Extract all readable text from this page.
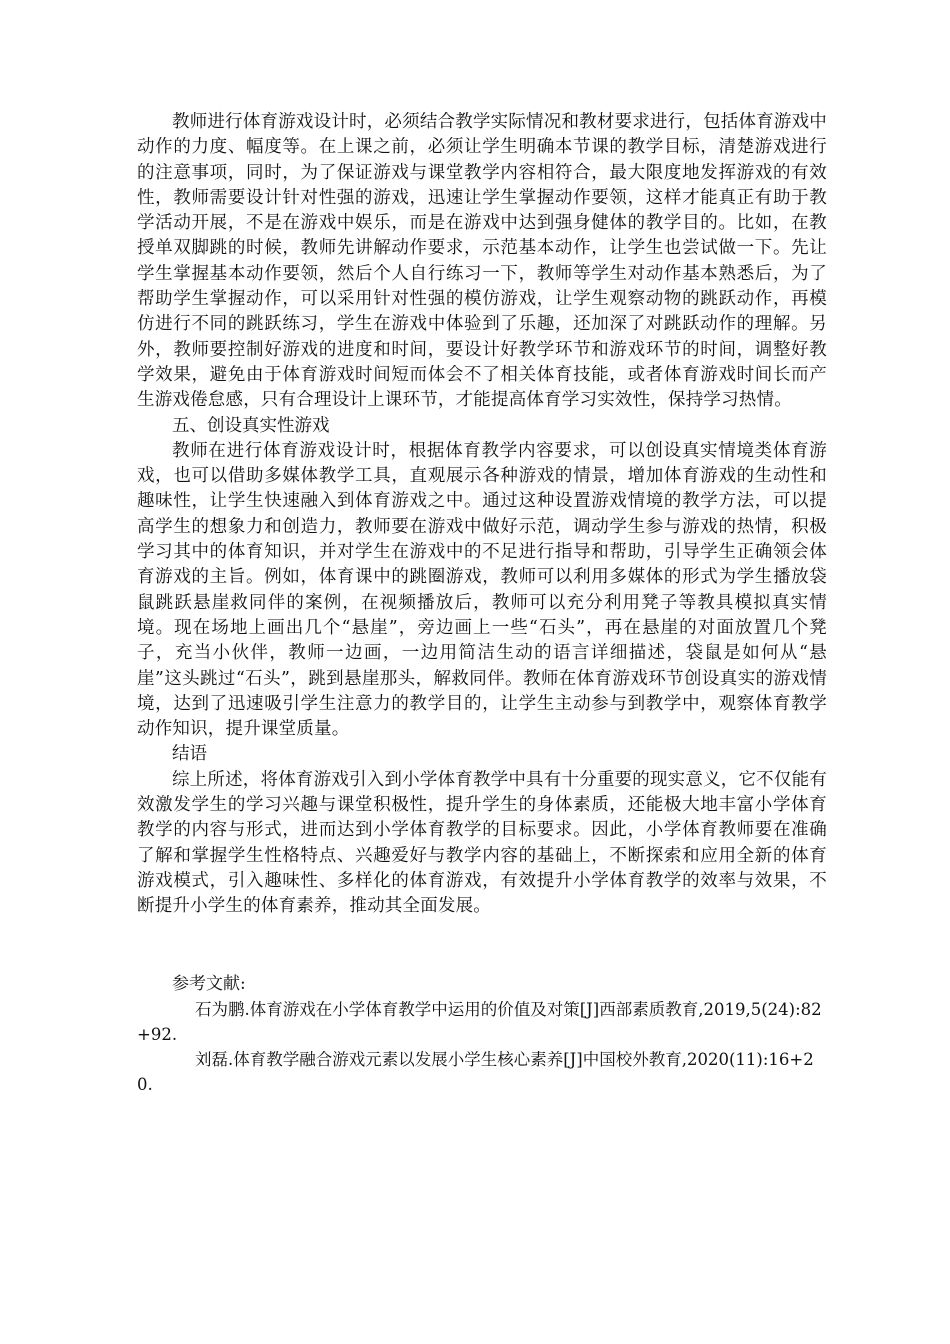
教师进行体育游戏设计时，必须结合教学实际情况和教材要求进行，包括体育游戏中动作的力度、幅度等。在上课之前，必须让学生明确本节课的教学目标，清楚游戏进行的注意事项，同时，为了保证游戏与课堂教学内容相符合，最大限度地发挥游戏的有效性，教师需要设计针对性强的游戏，迅速让学生掌握动作要领，这样才能真正有助于教学活动开展，不是在游戏中娱乐，而是在游戏中达到强身健体的教学目的。比如，在教授单双脚跳的时候，教师先讲解动作要求，示范基本动作，让学生也尝试做一下。先让学生掌握基本动作要领，然后个人自行练习一下，教师等学生对动作基本熟悉后，为了帮助学生掌握动作，可以采用针对性强的模仿游戏，让学生观察动物的跳跃动作，再模仿进行不同的跳跃练习，学生在游戏中体验到了乐趣，还加深了对跳跃动作的理解。另外，教师要控制好游戏的进度和时间，要设计好教学环节和游戏环节的时间，调整好教学效果，避免由于体育游戏时间短而体会不了相关体育技能，或者体育游戏时间长而产生游戏倦怠感，只有合理设计上课环节，才能提高体育学习实效性，保持学习热情。

五、创设真实性游戏

教师在进行体育游戏设计时，根据体育教学内容要求，可以创设真实情境类体育游戏，也可以借助多媒体教学工具，直观展示各种游戏的情景，增加体育游戏的生动性和趣味性，让学生快速融入到体育游戏之中。通过这种设置游戏情境的教学方法，可以提高学生的想象力和创造力，教师要在游戏中做好示范，调动学生参与游戏的热情，积极学习其中的体育知识，并对学生在游戏中的不足进行指导和帮助，引导学生正确领会体育游戏的主旨。例如，体育课中的跳圈游戏，教师可以利用多媒体的形式为学生播放袋鼠跳跃悬崖救同伴的案例，在视频播放后，教师可以充分利用凳子等教具模拟真实情境。现在场地上画出几个“悬崖”，旁边画上一些“石头”，再在悬崖的对面放置几个凳子，充当小伙伴，教师一边画，一边用简洁生动的语言详细描述，袋鼠是如何从“悬崖”这头跳过“石头”，跳到悬崖那头，解救同伴。教师在体育游戏环节创设真实的游戏情境，达到了迅速吸引学生注意力的教学目的，让学生主动参与到教学中，观察体育教学动作知识，提升课堂质量。

结语

综上所述，将体育游戏引入到小学体育教学中具有十分重要的现实意义，它不仅能有效激发学生的学习兴趣与课堂积极性，提升学生的身体素质，还能极大地丰富小学体育教学的内容与形式，进而达到小学体育教学的目标要求。因此，小学体育教师要在准确了解和掌握学生性格特点、兴趣爱好与教学内容的基础上，不断探索和应用全新的体育游戏模式，引入趣味性、多样化的体育游戏，有效提升小学体育教学的效率与效果，不断提升小学生的体育素养，推动其全面发展。

参考文献:

石为鹏.体育游戏在小学体育教学中运用的价值及对策[J]西部素质教育,2019,5(24):82+92.

刘磊.体育教学融合游戏元素以发展小学生核心素养[J]中国校外教育,2020(11):16+20.
